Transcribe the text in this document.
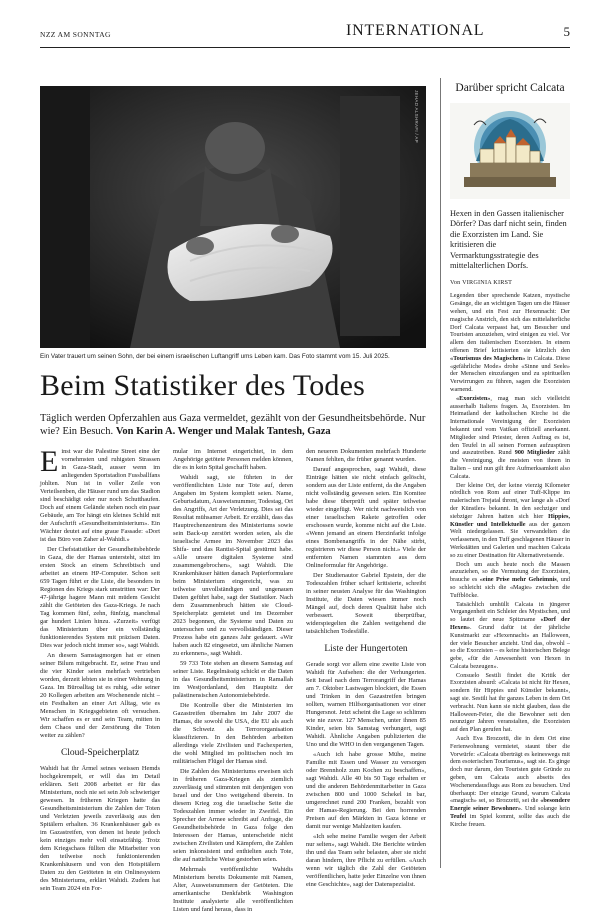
NZZ AM SONNTAG	INTERNATIONAL	5
JEHAD ALSHRAFI / AP
Ein Vater trauert um seinen Sohn, der bei einem israelischen Luftangriff ums Leben kam. Das Foto stammt vom 15. Juli 2025.
Beim Statistiker des Todes
Täglich werden Opferzahlen aus Gaza vermeldet, gezählt von der Gesundheitsbehörde. Nur wie? Ein Besuch. Von Karin A. Wenger und Malak Tantesh, Gaza

Einst war die Palestine Street eine der vornehmsten und ruhigsten Strassen in Gaza-Stadt, ausser wenn im anliegenden Sportstadion Fussballfans johlten. Nun ist in voller Zeile von Verteilsenben, die Häuser rund um das Stadion sind beschädigt oder nur noch Schutthaufen. Doch auf einem Gelände stehen noch ein paar Gebäude, am Tor hängt ein kleines Schild mit der Aufschrift «Gesundheitsministerium». Ein Wächter deutet auf eine graue Fassade: «Dort ist das Büro von Zaher al-Wahidi.»

Der Chefstatistiker der Gesundheitsbehörde in Gaza, die der Hamas untersteht, sitzt im ersten Stock an einem Schreibtisch und arbeitet an einem HP-Computer. Schon seit 659 Tagen führt er die Liste, die besonders in Regionen des Kriegs stark umstritten war: Der 47-jährige hagere Mann mit müdem Gesicht zählt die Getöteten des Gaza-Kriegs. Je nach Tag kommen fünf, zehn, fünfzig, manchmal gar hundert Linien hinzu. «Zurzeit» verfügt das Ministerium über ein vollständig funktionierendes System mit präzisen Daten. Dies war jedoch nicht immer so», sagt Wahidi.

An diesem Samstagmorgen hat er einen seiner Bilum mitgebracht. Er, seine Frau und die vier Kinder seien mehrfach vertrieben worden, derzeit lebten sie in einer Wohnung in Gaza. Im Büroalltag ist es ruhig, «die seiner 20 Kollegen arbeiten am Wochenende nicht – ein Festhalten an einer Art Alltag, wie es Menschen in Kriegsgebieten oft versuchen. Wir schaffen es er und sein Team, mitten in dem Chaos und der Zerstörung die Toten weiter zu zählen?

Cloud-Speicherplatz

Wahidi hat ihr Ärmel seines weissen Hemds hochgekrempelt, er will das im Detail erklären. Seit 2008 arbeitet er für das Ministerium, noch nie sei sein Job schwieriger gewesen. In früheren Kriegen hatte das Gesundheitsministerium die Zahlen der Toten und Verletzten jeweils zuverlässig aus den Spitälern erhalten. 36 Krankenhäuser gab es im Gazastreifen, von denen ist heute jedoch kein einziges mehr voll einsatzfähig. Trotz dem Kriegschaos füllten die Mitarbeiter von den teilweise noch funktionierenden Krankenhäusern und von den Hotspitälern Daten zu den Getöteten in ein Onlinesystem des Ministeriums, erklärt Wahidi. Zudem hat sein Team 2024 ein For-

mular im Internet eingerichtet, in dem Angehörige getötete Personen melden können, die es in kein Spital geschafft haben.

Wahidi sagt, sie führten in der veröffentlichten Liste nur Tote auf, deren Angaben im System komplett seien. Name, Geburtsdatum, Ausweisnummer, Todestag, Ort des Angriffs, Art der Verletzung. Dies sei das Resultat mühsamer Arbeit. Er erzählt, dass das Hauptrechenzentrum des Ministeriums sowie sein Back-up zerstört worden seien, als die israelische Armee im November 2023 das Shifa- und das Rantisi-Spital gestürmt habe. «Alle unsere digitalen Systeme sind zusammengebrochen», sagt Wahidi. Die Krankenhäuser hätten danach Papierformulare beim Ministerium eingereicht, was zu teilweise unvollständigen und ungenauen Daten geführt habe, sagt der Statistiker. Nach dem Zusammenbruch hätten sie Cloud-Speicherplatz gemietet und im Dezember 2023 begonnen, die Systeme und Daten zu untersuchen und zu vervollständigen. Dieser Prozess habe ein ganzes Jahr gedauert. «Wir haben auch 82 eingesetzt, um ähnliche Namen zu erkennen», sagt Wahidi.

59 733 Tote stehen an diesem Samstag auf seiner Liste. Regelmässig schickt er die Daten in das Gesundheitsministerium in Ramallah im Westjordanland, den Hauptsitz der palästinensischen Autonomiebehörde.

Die Kontrolle über die Ministerien im Gazastreifen übernahm im Jahr 2007 die Hamas, die sowohl die USA, die EU als auch die Schweiz als Terrororganisation klassifizieren. In den Behörden arbeiten allerdings viele Zivilisten und Fachexperten, die wohl Mitglied im politischen noch im militärischen Flügel der Hamas sind.

Die Zahlen des Ministeriums erweisen sich in früheren Gaza-Kriegen als ziemlich zuverlässig und stimmten mit denjenigen von Israel und der Uno weitgehend überein. In diesem Krieg zog die israelische Seite die Todeszahlen immer wieder in Zweifel. Ein Sprecher der Armee schreibt auf Anfrage, die Gesundheitsbehörde in Gaza folge den Interessen der Hamas, unterscheide nicht zwischen Zivilisten und Kämpfern, die Zahlen seien inkonsistent und enthielten auch Tote, die auf natürliche Weise gestorben seien.

Mehrmals veröffentlichte Wahidis Ministerium bereits Dokumente mit Namen, Alter, Ausweisnummern der Getöteten. Die amerikanische Denkfabrik Washington Institute analysierte alle veröffentlichten Listen und fand heraus, dass in

den neueren Dokumenten mehrfach Hunderte Namen fehlten, die früher genannt wurden.

Darauf angesprochen, sagt Wahidi, diese Einträge hätten sie nicht einfach gelöscht, sondern aus der Liste entfernt, da die Angaben nicht vollständig gewesen seien. Ein Komitee habe diese überprüft und später teilweise wieder eingefügt. Wer nicht nachweislich von einer israelischen Rakete getroffen oder erschossen wurde, komme nicht auf die Liste. «Wenn jemand an einem Herzinfarkt infolge eines Bombenangriffs in der Nähe stirbt, registrieren wir diese Person nicht.» Viele der entfernten Namen stammten aus dem Onlineformular für Angehörige.

Der Studienautor Gabriel Epstein, der die Todeszahlen früher scharf kritisierte, schreibt in seiner neusten Analyse für das Washington Institute, die Daten wiesen immer noch Mängel auf, doch deren Qualität habe sich verbessert. Soweit überprüfbar, widerspiegelten die Zahlen weitgehend die tatsächlichen Todesfälle.

Liste der Hungertoten

Gerade sorgt vor allem eine zweite Liste von Wahidi für Aufsehen: die der Verhungerten. Seit Israel nach dem Terrorangriff der Hamas am 7. Oktober Lastwagen blockiert, die Essen und Trinken in den Gazastreifen bringen sollten, warnen Hilfsorganisationen vor einer Hungersnot. Jetzt scheint die Lage so schlimm wie nie zuvor. 127 Menschen, unter ihnen 85 Kinder, seien bis Samstag verhungert, sagt Wahidi. Ähnliche Angaben publizierten die Uno und die WHO in den vergangenen Tagen.

«Auch ich habe grosse Mühe, meine Familie mit Essen und Wasser zu versorgen oder Brennholz zum Kochen zu beschaffen», sagt Wahidi. Alle 40 bis 50 Tage erhalten er und die anderen Behördenmitarbeiter in Gaza zwischen 800 und 1000 Schekel in bar, umgerechnet rund 200 Franken, bezahlt von der Hamas-Regierung. Bei den horrenden Preisen auf den Märkten in Gaza könne er damit nur wenige Mahlzeiten kaufen.

«Ich sehe meine Familie wegen der Arbeit nur selten», sagt Wahidi. Die Berichte würden ihn und das Team sehr belasten, aber sie nicht daran hindern, ihre Pflicht zu erfüllen. «Auch wenn wir täglich die Zahl der Getöteten veröffentlichen, hatte jeder Einzelne von ihnen eine Geschichte», sagt der Datenspezialist.

Darüber spricht Calcata
Hexen in den Gassen italienischer Dörfer? Das darf nicht sein, finden die Exorzisten im Land. Sie kritisieren die Vermarktungsstrategie des mittelalterlichen Dorfs.
Von VIRGINIA KIRST

Legenden über sprechende Katzen, mystische Gesänge, die an wichtigen Tagen um die Häuser wehen, und ein Fest zur Hexennacht: Der magische Anstrich, den sich das mittelalterliche Dorf Calcata verpasst hat, um Besucher und Touristen anzuziehen, wird einigen zu viel. Vor allem den italienischen Exorzisten. In einem offenen Brief kritisierten sie kürzlich den «Tourismus des Magischen» in Calcata. Diese «gefährliche Mode» drohe «Sinne und Seele» der Menschen einzufangen und zu spirituellen Verwirrungen zu führen, sagen die Exorzisten warnend.

«Exorzisten», mag man sich vielleicht ausserhalb Italiens fragen. Ja, Exorzisten. Im Heimatland der katholischen Kirche ist die Internationale Vereinigung der Exorzisten bekannt und vom Vatikan offiziell anerkannt. Mitglieder sind Priester, deren Auftrag es ist, den Teufel in all seinen Formen aufzuspüren und auszutreiben. Rund 900 Mitglieder zählt die Vereinigung, die meisten von ihnen in Italien – und nun gilt ihre Aufmerksamkeit also Calcata.

Der kleine Ort, der keine vierzig Kilometer nördlich von Rom auf einer Tuff-Klippe im malerischen Trejatal thront, war lange als «Dorf der Künstler» bekannt. In den sechziger und siebziger Jahren hatten sich hier Hippies, Künstler und Intellektuelle aus der ganzen Welt niedergelassen. Sie verwandelten die verlassenen, in den Tuff geschlagenen Häuser in Werkstätten und Galerien und machten Calcata so zu einer Destination für Alternativreisende.

Doch um auch heute noch die Massen anzuziehen, so die Vermutung der Exorzisten, brauche es «eine Prise mehr Geheimnis, und so schleicht sich die «Magie» zwischen die Tuffblöcke.

Tatsächlich umhüllt Calcata in jüngerer Vergangenheit ein Schleier des Mystischen, und so lautet der neue Spitzname «Dorf der Hexen». Grund dafür ist der jährliche Kunstmarkt zur «Hexennacht» an Halloween, der viele Besucher anzieht. Und das, obwohl – so die Exorzisten – es keine historischen Belege gebe, «für die Anwesenheit von Hexen in Calcata bezeugen».

Consuelo Sestili findet die Kritik der Exorzisten absurd: «Calcata ist nicht für Hexen, sondern für Hippies und Künstler bekannt», sagt sie. Sestili hat ihr ganzes Leben in dem Ort verbracht. Nun kann sie nicht glauben, dass die Halloween-Feier, die die Bewohner seit den neunziger Jahren veranstalten, die Exorzisten auf den Plan gerufen hat.

Auch Eva Brozzetti, die in dem Ort eine Ferienwohnung vermietet, staunt über die Vorwürfe: «Calcata überträgt es keineswegs mit dem esoterischen Tourismus», sagt sie. Es ginge doch nur darum, den Touristen gute Gründe zu geben, um Calcata auch abseits des Wochenendausflugs aus Rom zu besuchen. Und überhaupt: Der einzige Grund, warum Calcata «magisch» sei, so Brozzetti, sei die «besondere Energie seiner Bewohner». Und solange kein Teufel im Spiel kommt, sollte das auch die Kirche freuen.
